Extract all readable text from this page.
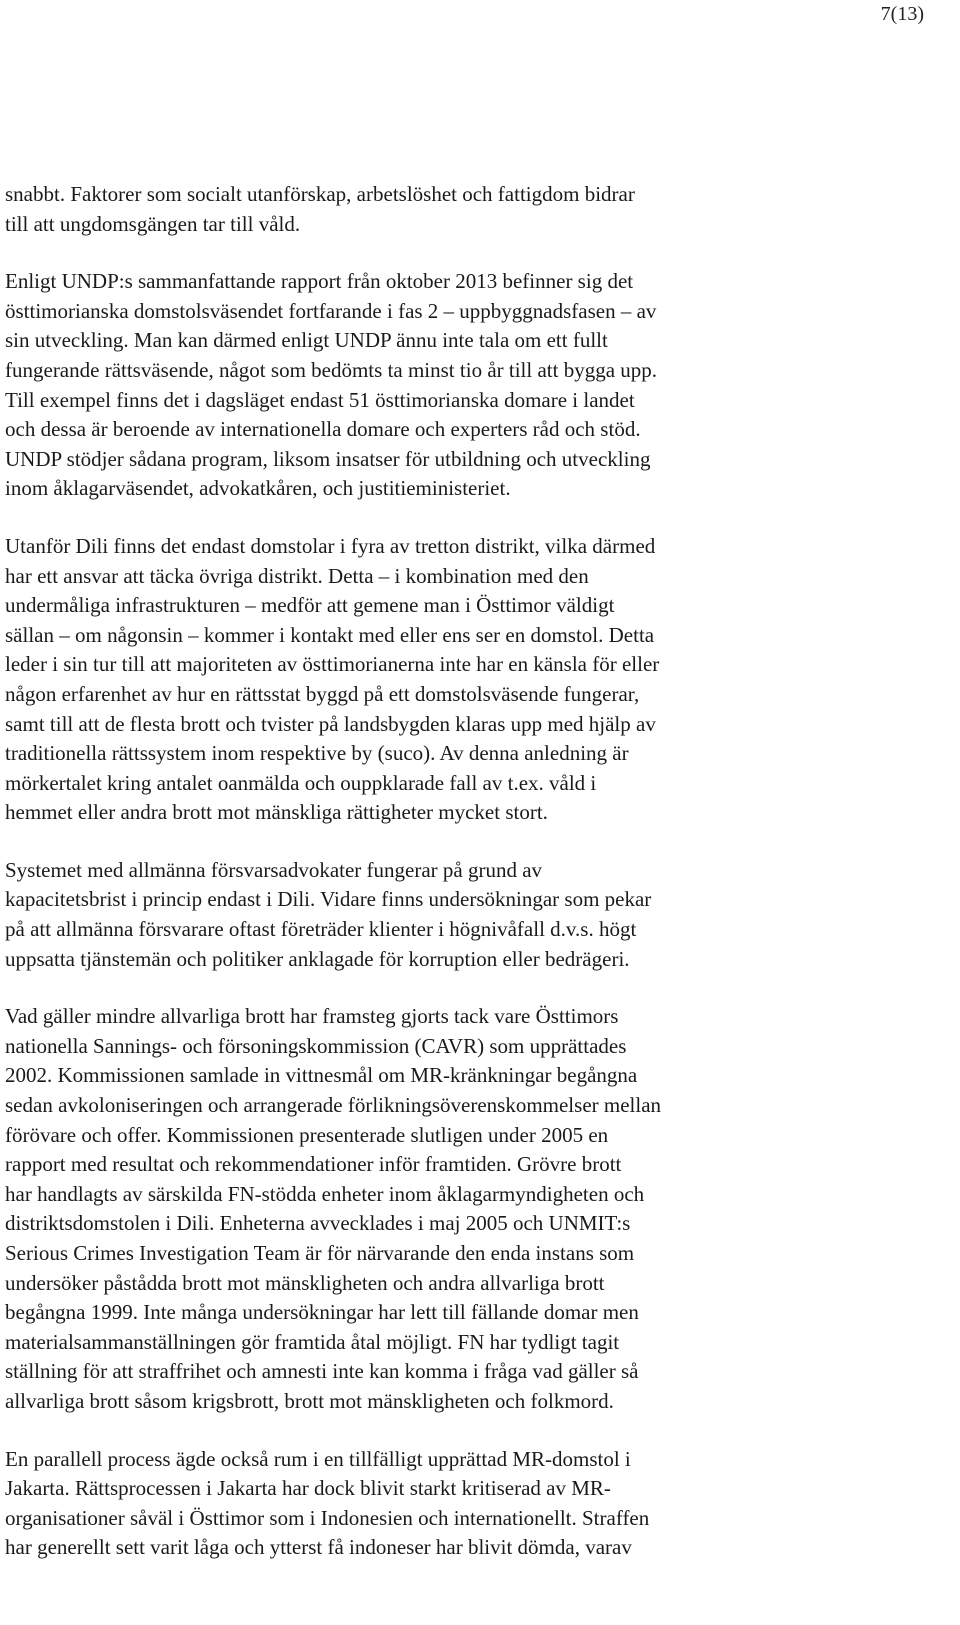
7(13)

snabbt. Faktorer som socialt utanförskap, arbetslöshet och fattigdom bidrar
till att ungdomsgängen tar till våld.

Enligt UNDP:s sammanfattande rapport från oktober 2013 befinner sig det
östtimorianska domstolsväsendet fortfarande i fas 2 – uppbyggnadsfasen – av
sin utveckling. Man kan därmed enligt UNDP ännu inte tala om ett fullt
fungerande rättsväsende, något som bedömts ta minst tio år till att bygga upp.
Till exempel finns det i dagsläget endast 51 östtimorianska domare i landet
och dessa är beroende av internationella domare och experters råd och stöd.
UNDP stödjer sådana program, liksom insatser för utbildning och utveckling
inom åklagarväsendet, advokatkåren, och justitieministeriet.

Utanför Dili finns det endast domstolar i fyra av tretton distrikt, vilka därmed
har ett ansvar att täcka övriga distrikt. Detta – i kombination med den
undermåliga infrastrukturen – medför att gemene man i Östtimor väldigt
sällan – om någonsin – kommer i kontakt med eller ens ser en domstol. Detta
leder i sin tur till att majoriteten av östtimorianerna inte har en känsla för eller
någon erfarenhet av hur en rättsstat byggd på ett domstolsväsende fungerar,
samt till att de flesta brott och tvister på landsbygden klaras upp med hjälp av
traditionella rättssystem inom respektive by (suco). Av denna anledning är
mörkertalet kring antalet oanmälda och ouppklarade fall av t.ex. våld i
hemmet eller andra brott mot mänskliga rättigheter mycket stort.

Systemet med allmänna försvarsadvokater fungerar på grund av
kapacitetsbrist i princip endast i Dili. Vidare finns undersökningar som pekar
på att allmänna försvarare oftast företräder klienter i högnivåfall d.v.s. högt
uppsatta tjänstemän och politiker anklagade för korruption eller bedrägeri.

Vad gäller mindre allvarliga brott har framsteg gjorts tack vare Östtimors
nationella Sannings- och försoningskommission (CAVR) som upprättades
2002. Kommissionen samlade in vittnesmål om MR-kränkningar begångna
sedan avkoloniseringen och arrangerade förlikningsöverenskommelser mellan
förövare och offer. Kommissionen presenterade slutligen under 2005 en
rapport med resultat och rekommendationer inför framtiden. Grövre brott
har handlagts av särskilda FN-stödda enheter inom åklagarmyndigheten och
distriktsdomstolen i Dili. Enheterna avvecklades i maj 2005 och UNMIT:s
Serious Crimes Investigation Team är för närvarande den enda instans som
undersöker påstådda brott mot mänskligheten och andra allvarliga brott
begångna 1999. Inte många undersökningar har lett till fällande domar men
materialsammanställningen gör framtida åtal möjligt. FN har tydligt tagit
ställning för att straffrihet och amnesti inte kan komma i fråga vad gäller så
allvarliga brott såsom krigsbrott, brott mot mänskligheten och folkmord.

En parallell process ägde också rum i en tillfälligt upprättad MR-domstol i
Jakarta. Rättsprocessen i Jakarta har dock blivit starkt kritiserad av MR-
organisationer såväl i Östtimor som i Indonesien och internationellt. Straffen
har generellt sett varit låga och ytterst få indoneser har blivit dömda, varav
